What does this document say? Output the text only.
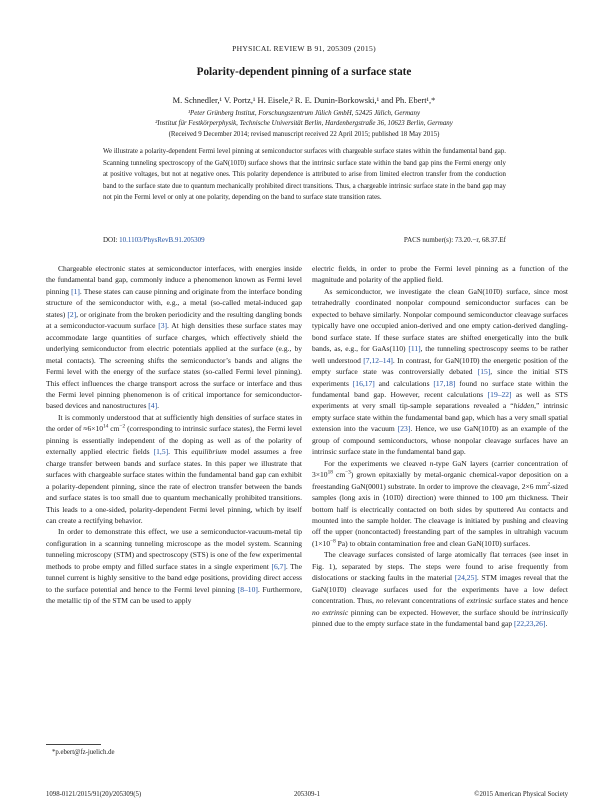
PHYSICAL REVIEW B 91, 205309 (2015)
Polarity-dependent pinning of a surface state
M. Schnedler,¹ V. Portz,¹ H. Eisele,² R. E. Dunin-Borkowski,¹ and Ph. Ebert¹,*
¹Peter Grünberg Institut, Forschungszentrum Jülich GmbH, 52425 Jülich, Germany
²Institut für Festkörperphysik, Technische Universität Berlin, Hardenbergstraße 36, 10623 Berlin, Germany
(Received 9 December 2014; revised manuscript received 22 April 2015; published 18 May 2015)
We illustrate a polarity-dependent Fermi level pinning at semiconductor surfaces with chargeable surface states within the fundamental band gap. Scanning tunneling spectroscopy of the GaN(101̄0) surface shows that the intrinsic surface state within the band gap pins the Fermi energy only at positive voltages, but not at negative ones. This polarity dependence is attributed to arise from limited electron transfer from the conduction band to the surface state due to quantum mechanically prohibited direct transitions. Thus, a chargeable intrinsic surface state in the band gap may not pin the Fermi level or only at one polarity, depending on the band to surface state transition rates.
DOI: 10.1103/PhysRevB.91.205309	PACS number(s): 73.20.−r, 68.37.Ef

Chargeable electronic states at semiconductor interfaces, with energies inside the fundamental band gap, commonly induce a phenomenon known as Fermi level pinning [1]. These states can cause pinning and originate from the interface bonding structure of the semiconductor with, e.g., a metal (so-called metal-induced gap states) [2], or originate from the broken periodicity and the resulting dangling bonds at a semiconductor-vacuum surface [3]. At high densities these surface states may accommodate large quantities of surface charges, which effectively shield the underlying semiconductor from electric potentials applied at the surface (e.g., by metal contacts). The screening shifts the semiconductor’s bands and aligns the Fermi level with the energy of the surface states (so-called Fermi level pinning). This effect influences the charge transport across the surface or interface and thus the Fermi level pinning phenomenon is of critical importance for semiconductor-based devices and nanostructures [4].

It is commonly understood that at sufficiently high densities of surface states in the order of $\approx 6\times 10^{14}$ $cm^{-2}$ (corresponding to intrinsic surface states), the Fermi level pinning is essentially independent of the doping as well as of the polarity of externally applied electric fields [1,5]. This equilibrium model assumes a free charge transfer between bands and surface states. In this paper we illustrate that surfaces with chargeable surface states within the fundamental band gap can exhibit a polarity-dependent pinning, since the rate of electron transfer between the bands and surface states is too small due to quantum mechanically prohibited transitions. This leads to a one-sided, polarity-dependent Fermi level pinning, which by itself can create a rectifying behavior.

In order to demonstrate this effect, we use a semiconductor-vacuum-metal tip configuration in a scanning tunneling microscope as the model system. Scanning tunneling microscopy (STM) and spectroscopy (STS) is one of the few experimental methods to probe empty and filled surface states in a single experiment [6,7]. The tunnel current is highly sensitive to the band edge positions, providing direct access to the surface potential and hence to the Fermi level pinning [8–10]. Furthermore, the metallic tip of the STM can be used to apply

electric fields, in order to probe the Fermi level pinning as a function of the magnitude and polarity of the applied field.

As semiconductor, we investigate the clean GaN(101̄0) surface, since most tetrahedrally coordinated nonpolar compound semiconductor surfaces can be expected to behave similarly. Nonpolar compound semiconductor cleavage surfaces typically have one occupied anion-derived and one empty cation-derived dangling-bond surface state. If these surface states are shifted energetically into the bulk bands, as, e.g., for GaAs(110) [11], the tunneling spectroscopy seems to be rather well understood [7,12–14]. In contrast, for GaN(101̄0) the energetic position of the empty surface state was controversially debated [15], since the initial STS experiments [16,17] and calculations [17,18] found no surface state within the fundamental band gap. However, recent calculations [19–22] as well as STS experiments at very small tip-sample separations revealed a “hidden,” intrinsic empty surface state within the fundamental band gap, which has a very small spatial extension into the vacuum [23]. Hence, we use GaN(101̄0) as an example of the group of compound semiconductors, whose nonpolar cleavage surfaces have an intrinsic surface state in the fundamental band gap.

For the experiments we cleaved n-type GaN layers (carrier concentration of $3\times 10^{18}$ $cm^{-3}$) grown epitaxially by metal-organic chemical-vapor deposition on a freestanding GaN(0001) substrate. In order to improve the cleavage, 2×6 $mm^2$-sized samples (long axis in ⟨101̄0⟩ direction) were thinned to 100 μm thickness. Their bottom half is electrically contacted on both sides by sputtered Au contacts and mounted into the sample holder. The cleavage is initiated by pushing and cleaving off the upper (noncontacted) freestanding part of the samples in ultrahigh vacuum ($1\times 10^{-8}$ Pa) to obtain contamination free and clean GaN(101̄0) surfaces.

The cleavage surfaces consisted of large atomically flat terraces (see inset in Fig. 1), separated by steps. The steps were found to arise frequently from dislocations or stacking faults in the material [24,25]. STM images reveal that the GaN(101̄0) cleavage surfaces used for the experiments have a low defect concentration. Thus, no relevant concentrations of extrinsic surface states and hence no extrinsic pinning can be expected. However, the surface should be intrinsically pinned due to the empty surface state in the fundamental band gap [22,23,26].

*p.ebert@fz-juelich.de
1098-0121/2015/91(20)/205309(5)	205309-1	©2015 American Physical Society
